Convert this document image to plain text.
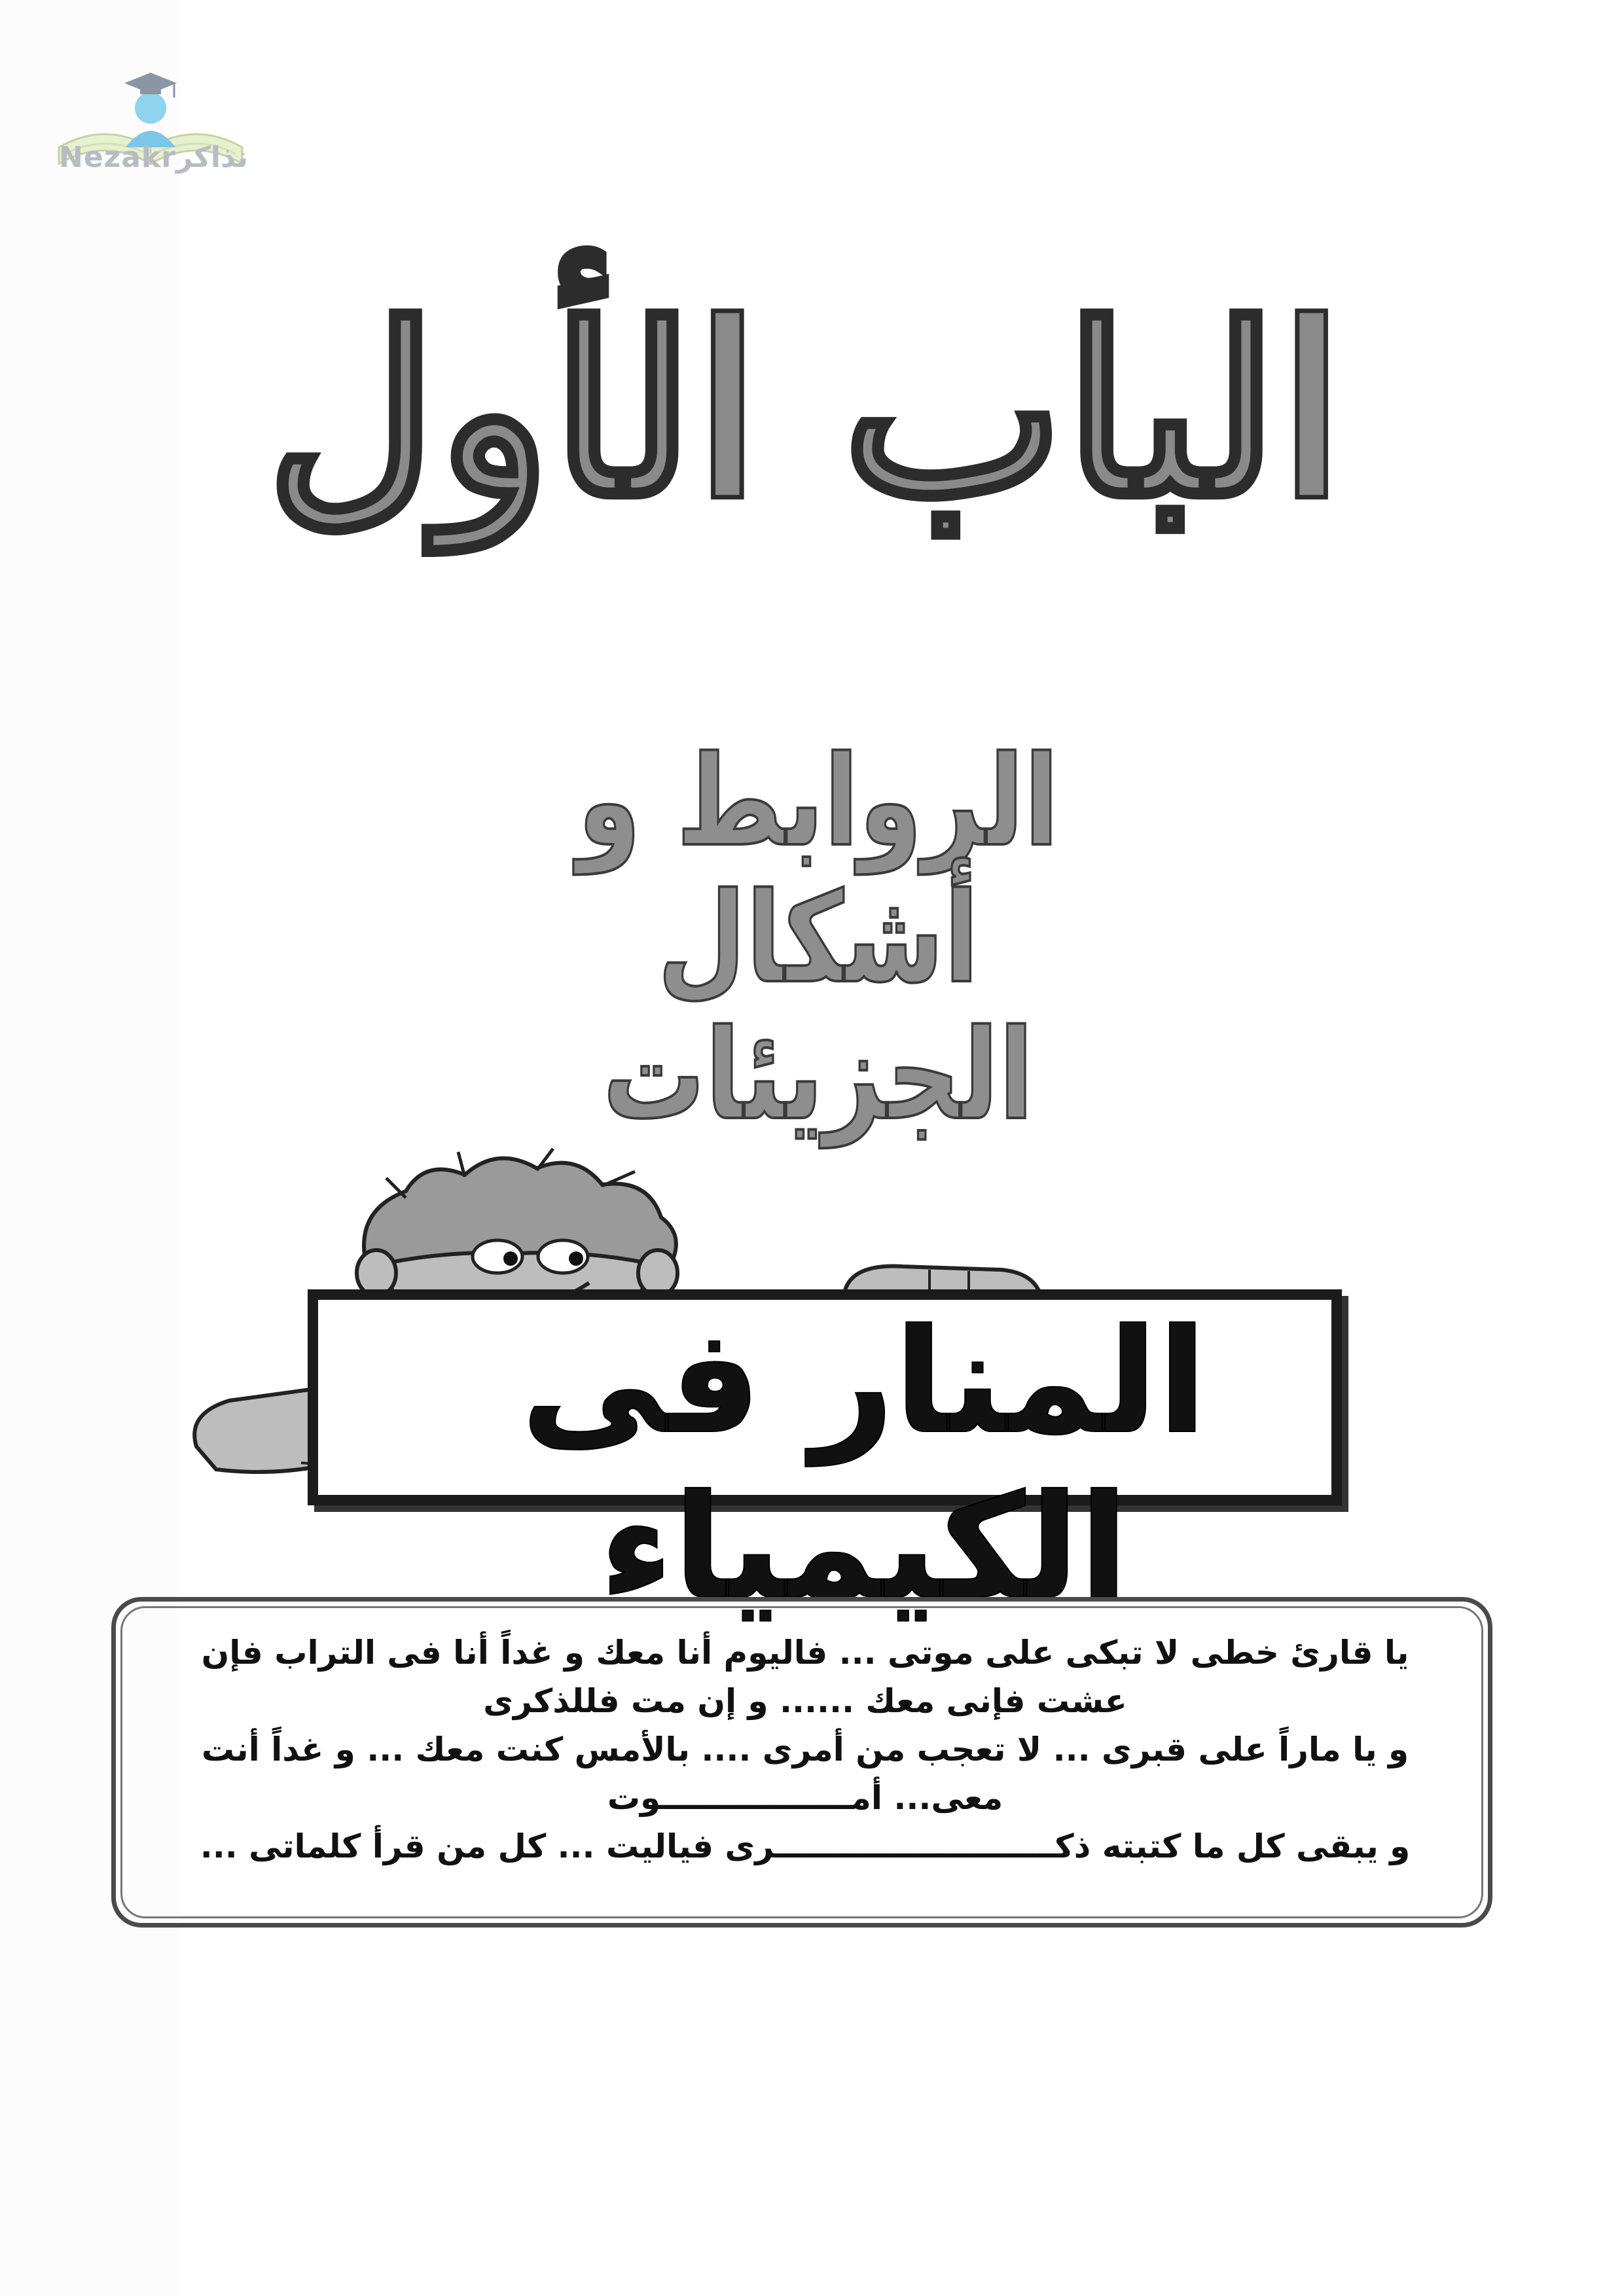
Nezakrنذاكر
الباب الأول
الروابط و أشكال الجزيئات
المنار فى الكيمياء

يا قارئ خطى لا تبكى على موتى ... فاليوم أنا معك و غداً أنا فى التراب فإن

عشت فإنى معك ...... و إن مت فللذكرى

و يا ماراً على قبرى ... لا تعجب من أمرى .... بالأمس كنت معك ... و غداً أنت

معى... أمـــــــــــــــــوت

و يبقى كل ما كتبته ذكـــــــــــــــــــــــــرى فياليت ... كل من قرأ كلماتى ...
